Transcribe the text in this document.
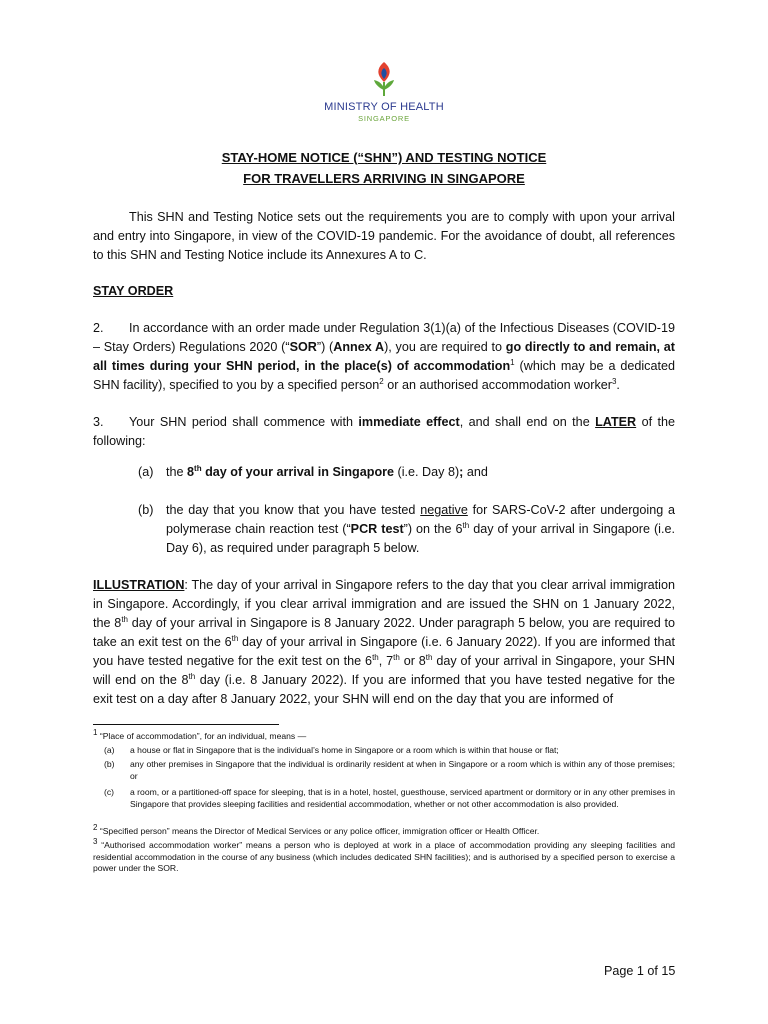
MINISTRY OF HEALTH
SINGAPORE
STAY-HOME NOTICE (“SHN”) AND TESTING NOTICE
FOR TRAVELLERS ARRIVING IN SINGAPORE
This SHN and Testing Notice sets out the requirements you are to comply with upon your arrival and entry into Singapore, in view of the COVID-19 pandemic. For the avoidance of doubt, all references to this SHN and Testing Notice include its Annexures A to C.
STAY ORDER
2. In accordance with an order made under Regulation 3(1)(a) of the Infectious Diseases (COVID-19 – Stay Orders) Regulations 2020 (“SOR”) (Annex A), you are required to go directly to and remain, at all times during your SHN period, in the place(s) of accommodation$^1$ (which may be a dedicated SHN facility), specified to you by a specified person$^2$ or an authorised accommodation worker$^3$.
3. Your SHN period shall commence with immediate effect, and shall end on the LATER of the following:
(a) the 8th day of your arrival in Singapore (i.e. Day 8); and
(b) the day that you know that you have tested negative for SARS-CoV-2 after undergoing a polymerase chain reaction test (“PCR test”) on the 6th day of your arrival in Singapore (i.e. Day 6), as required under paragraph 5 below.
ILLUSTRATION: The day of your arrival in Singapore refers to the day that you clear arrival immigration in Singapore. Accordingly, if you clear arrival immigration and are issued the SHN on 1 January 2022, the 8th day of your arrival in Singapore is 8 January 2022. Under paragraph 5 below, you are required to take an exit test on the 6th day of your arrival in Singapore (i.e. 6 January 2022). If you are informed that you have tested negative for the exit test on the 6th, 7th or 8th day of your arrival in Singapore, your SHN will end on the 8th day (i.e. 8 January 2022). If you are informed that you have tested negative for the exit test on a day after 8 January 2022, your SHN will end on the day that you are informed of
$^1$ “Place of accommodation”, for an individual, means —
(a) a house or flat in Singapore that is the individual’s home in Singapore or a room which is within that house or flat;
(b) any other premises in Singapore that the individual is ordinarily resident at when in Singapore or a room which is within any of those premises; or
(c) a room, or a partitioned-off space for sleeping, that is in a hotel, hostel, guesthouse, serviced apartment or dormitory or in any other premises in Singapore that provides sleeping facilities and residential accommodation, whether or not other accommodation is also provided.
$^2$ “Specified person” means the Director of Medical Services or any police officer, immigration officer or Health Officer.
$^3$ “Authorised accommodation worker” means a person who is deployed at work in a place of accommodation providing any sleeping facilities and residential accommodation in the course of any business (which includes dedicated SHN facilities); and is authorised by a specified person to exercise a power under the SOR.
Page 1 of 15
